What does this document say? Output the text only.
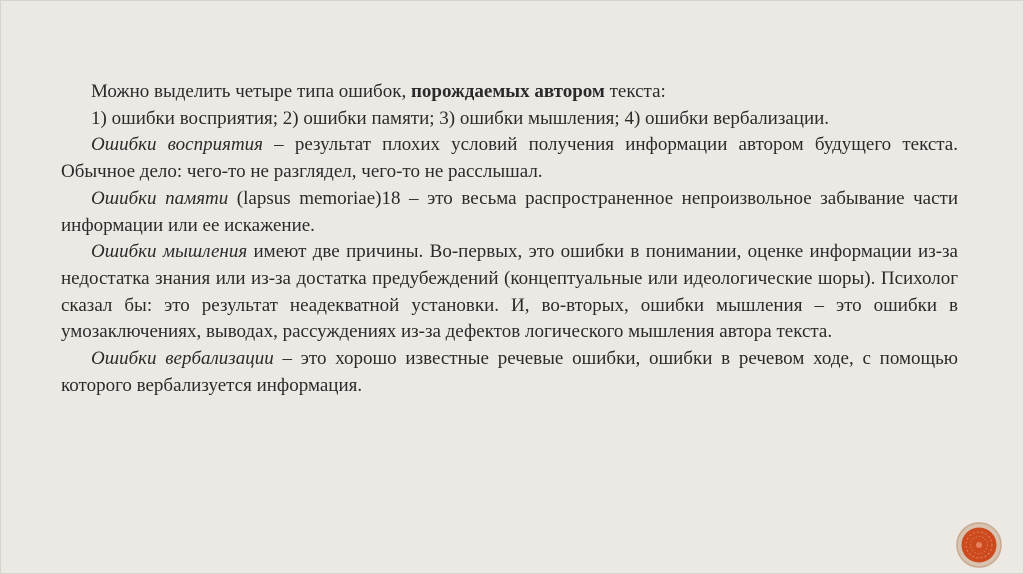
Можно выделить четыре типа ошибок, порождаемых автором текста:

1) ошибки восприятия; 2) ошибки памяти; 3) ошибки мышления; 4) ошибки вербализации.

Ошибки восприятия – результат плохих условий получения информации автором будущего текста. Обычное дело: чего-то не разглядел, чего-то не расслышал.

Ошибки памяти (lapsus memoriae)18 – это весьма распространенное непроизвольное забывание части информации или ее искажение.

Ошибки мышления имеют две причины. Во-первых, это ошибки в понимании, оценке информации из-за недостатка знания или из-за достатка предубеждений (концептуальные или идеологические шоры). Психолог сказал бы: это результат неадекватной установки. И, во-вторых, ошибки мышления – это ошибки в умозаключениях, выводах, рассуждениях из-за дефектов логического мышления автора текста.

Ошибки вербализации – это хорошо известные речевые ошибки, ошибки в речевом ходе, с помощью которого вербализуется информация.
